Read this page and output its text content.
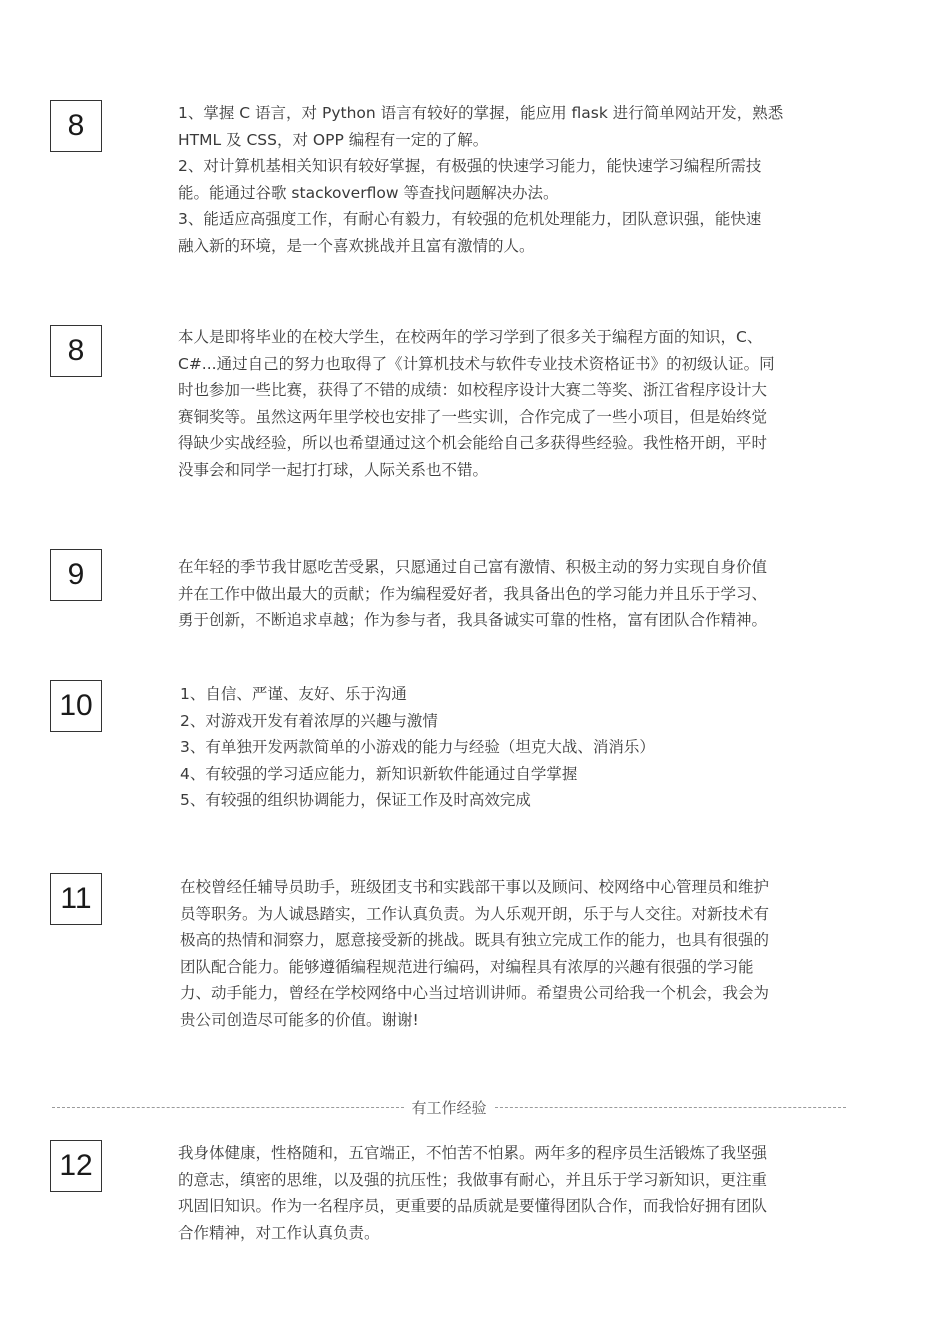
8	1、掌握 C 语言，对 Python 语言有较好的掌握，能应用 flask 进行简单网站开发，熟悉
HTML 及 CSS，对 OPP 编程有一定的了解。
2、对计算机基相关知识有较好掌握，有极强的快速学习能力，能快速学习编程所需技
能。能通过谷歌 stackoverflow 等查找问题解决办法。
3、能适应高强度工作，有耐心有毅力，有较强的危机处理能力，团队意识强，能快速
融入新的环境，是一个喜欢挑战并且富有激情的人。
8	本人是即将毕业的在校大学生，在校两年的学习学到了很多关于编程方面的知识，C、
C#...通过自己的努力也取得了《计算机技术与软件专业技术资格证书》的初级认证。同
时也参加一些比赛，获得了不错的成绩：如校程序设计大赛二等奖、浙江省程序设计大
赛铜奖等。虽然这两年里学校也安排了一些实训，合作完成了一些小项目，但是始终觉
得缺少实战经验，所以也希望通过这个机会能给自己多获得些经验。我性格开朗，平时
没事会和同学一起打打球，人际关系也不错。
9	在年轻的季节我甘愿吃苦受累，只愿通过自己富有激情、积极主动的努力实现自身价值
并在工作中做出最大的贡献；作为编程爱好者，我具备出色的学习能力并且乐于学习、
勇于创新，不断追求卓越；作为参与者，我具备诚实可靠的性格，富有团队合作精神。
10	1、自信、严谨、友好、乐于沟通
2、对游戏开发有着浓厚的兴趣与激情
3、有单独开发两款简单的小游戏的能力与经验（坦克大战、消消乐）
4、有较强的学习适应能力，新知识新软件能通过自学掌握
5、有较强的组织协调能力，保证工作及时高效完成
11	在校曾经任辅导员助手，班级团支书和实践部干事以及顾问、校网络中心管理员和维护
员等职务。为人诚恳踏实，工作认真负责。为人乐观开朗，乐于与人交往。对新技术有
极高的热情和洞察力，愿意接受新的挑战。既具有独立完成工作的能力，也具有很强的
团队配合能力。能够遵循编程规范进行编码，对编程具有浓厚的兴趣有很强的学习能
力、动手能力，曾经在学校网络中心当过培训讲师。希望贵公司给我一个机会，我会为
贵公司创造尽可能多的价值。谢谢!
有工作经验
12	我身体健康，性格随和，五官端正，不怕苦不怕累。两年多的程序员生活锻炼了我坚强
的意志，缜密的思维，以及强的抗压性；我做事有耐心，并且乐于学习新知识，更注重
巩固旧知识。作为一名程序员，更重要的品质就是要懂得团队合作，而我恰好拥有团队
合作精神，对工作认真负责。
